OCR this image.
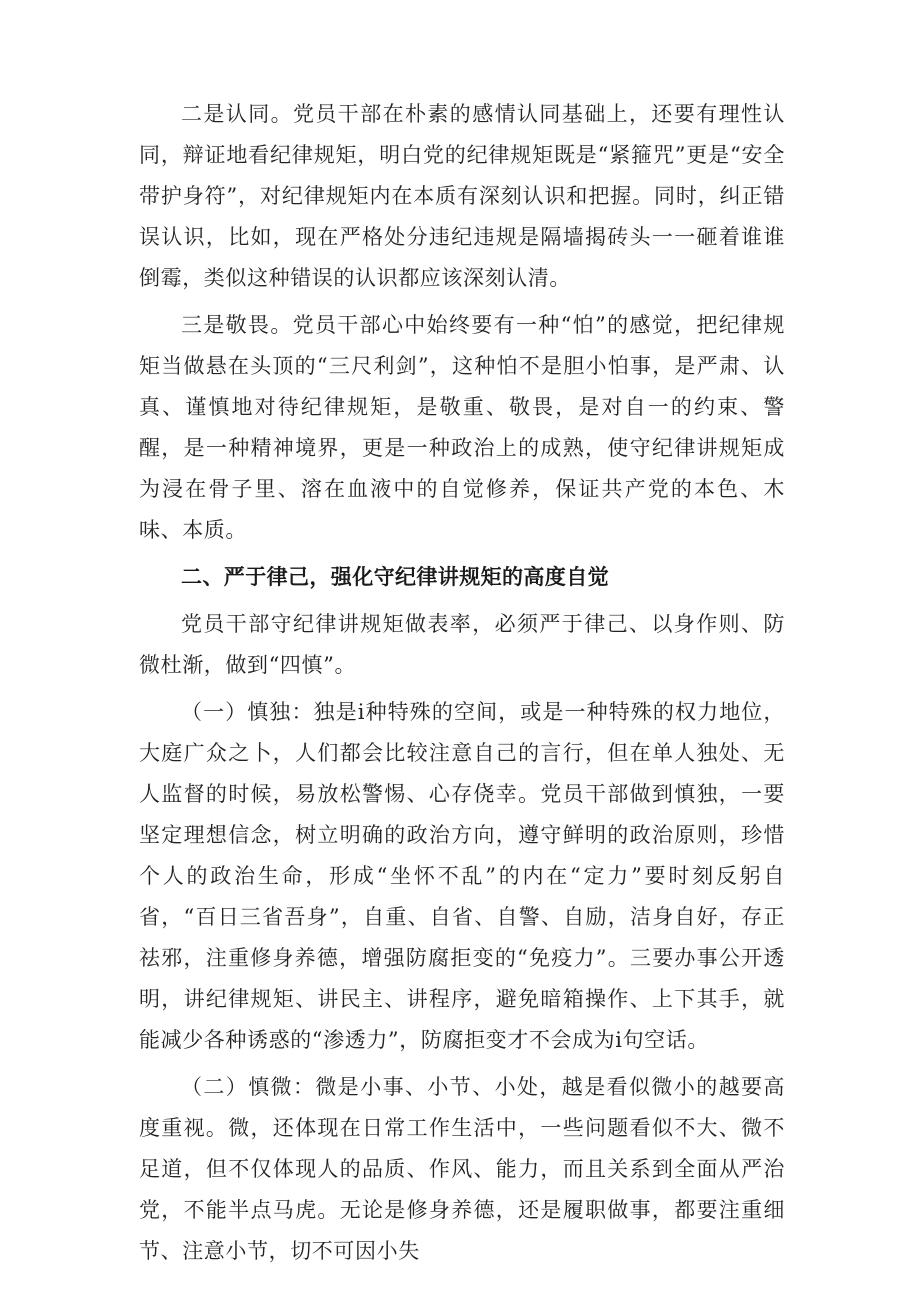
二是认同。党员干部在朴素的感情认同基础上，还要有理性认同，辩证地看纪律规矩，明白党的纪律规矩既是“紧箍咒”更是“安全带护身符”，对纪律规矩内在本质有深刻认识和把握。同时，纠正错误认识，比如，现在严格处分违纪违规是隔墙揭砖头一一砸着谁谁倒霉，类似这种错误的认识都应该深刻认清。

三是敬畏。党员干部心中始终要有一种“怕”的感觉，把纪律规矩当做悬在头顶的“三尺利剑”，这种怕不是胆小怕事，是严肃、认真、谨慎地对待纪律规矩，是敬重、敬畏，是对自一的约束、警醒，是一种精神境界，更是一种政治上的成熟，使守纪律讲规矩成为浸在骨子里、溶在血液中的自觉修养，保证共产党的本色、木味、本质。

二、严于律己，强化守纪律讲规矩的高度自觉

党员干部守纪律讲规矩做表率，必须严于律己、以身作则、防微杜渐，做到“四慎”。

（一）慎独：独是i种特殊的空间，或是一种特殊的权力地位，大庭广众之卜，人们都会比较注意自己的言行，但在单人独处、无人监督的时候，易放松警惕、心存侥幸。党员干部做到慎独，一要坚定理想信念，树立明确的政治方向，遵守鲜明的政治原则，珍惜个人的政治生命，形成“坐怀不乱”的内在“定力”要时刻反躬自省，“百日三省吾身”，自重、自省、自警、自励，洁身自好，存正祛邪，注重修身养德，增强防腐拒变的“免疫力”。三要办事公开透明，讲纪律规矩、讲民主、讲程序，避免暗箱操作、上下其手，就能减少各种诱惑的“渗透力”，防腐拒变才不会成为i句空话。

（二）慎微：微是小事、小节、小处，越是看似微小的越要高度重视。微，还体现在日常工作生活中，一些问题看似不大、微不足道，但不仅体现人的品质、作风、能力，而且关系到全面从严治党，不能半点马虎。无论是修身养德，还是履职做事，都要注重细节、注意小节，切不可因小失
